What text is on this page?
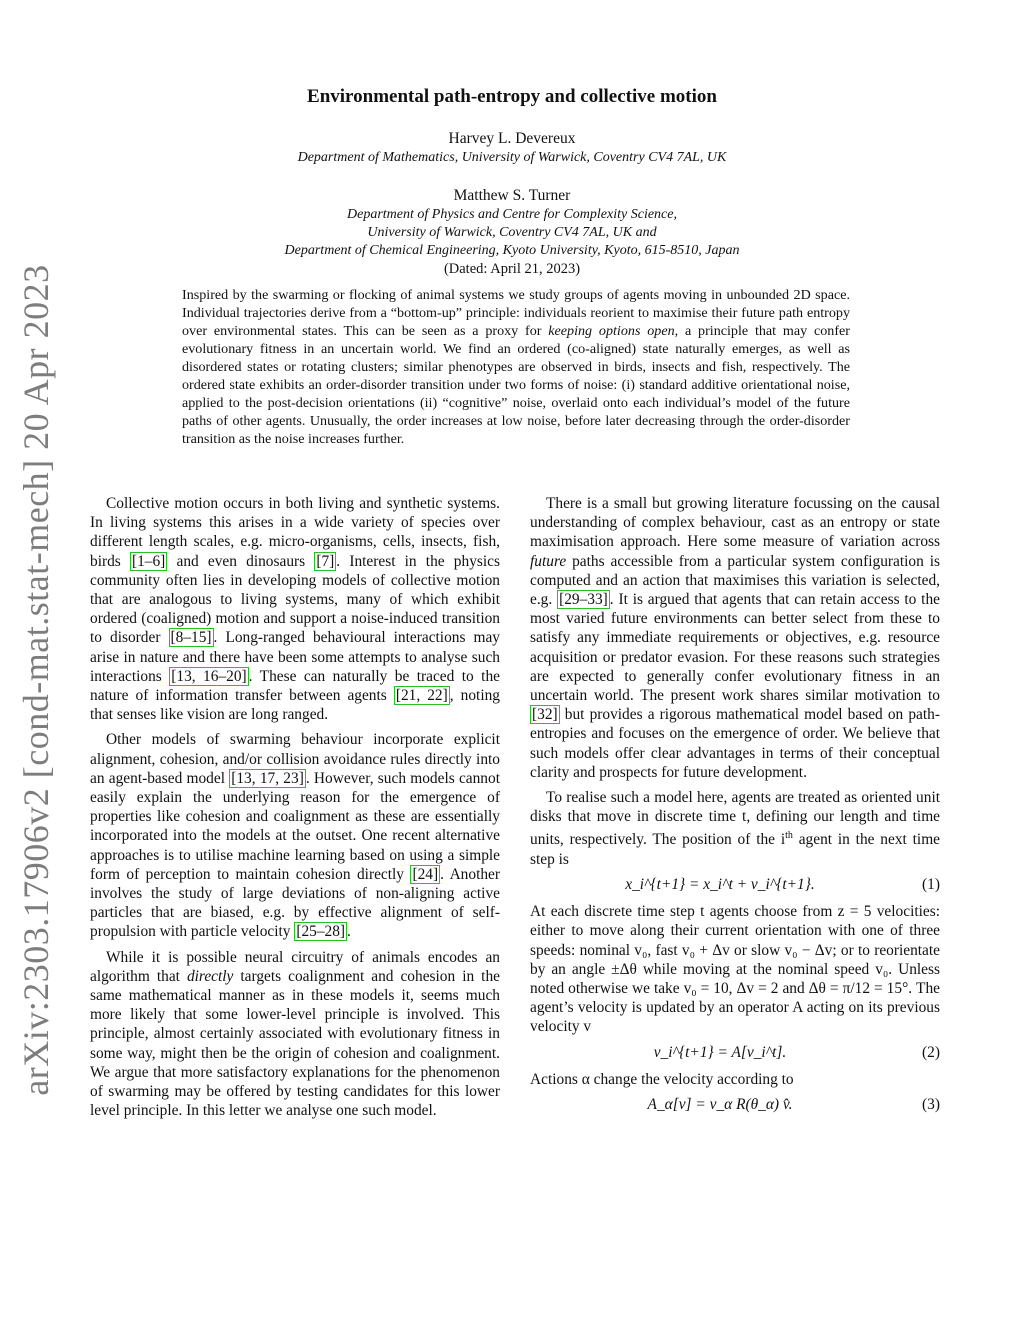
arXiv:2303.17906v2 [cond-mat.stat-mech] 20 Apr 2023
Environmental path-entropy and collective motion
Harvey L. Devereux
Department of Mathematics, University of Warwick, Coventry CV4 7AL, UK
Matthew S. Turner
Department of Physics and Centre for Complexity Science,
University of Warwick, Coventry CV4 7AL, UK and
Department of Chemical Engineering, Kyoto University, Kyoto, 615-8510, Japan
(Dated: April 21, 2023)
Inspired by the swarming or flocking of animal systems we study groups of agents moving in unbounded 2D space. Individual trajectories derive from a “bottom-up” principle: individuals reorient to maximise their future path entropy over environmental states. This can be seen as a proxy for keeping options open, a principle that may confer evolutionary fitness in an uncertain world. We find an ordered (co-aligned) state naturally emerges, as well as disordered states or rotating clusters; similar phenotypes are observed in birds, insects and fish, respectively. The ordered state exhibits an order-disorder transition under two forms of noise: (i) standard additive orientational noise, applied to the post-decision orientations (ii) “cognitive” noise, overlaid onto each individual’s model of the future paths of other agents. Unusually, the order increases at low noise, before later decreasing through the order-disorder transition as the noise increases further.

Collective motion occurs in both living and synthetic systems. In living systems this arises in a wide variety of species over different length scales, e.g. micro-organisms, cells, insects, fish, birds [1–6] and even dinosaurs [7] . Interest in the physics community often lies in developing models of collective motion that are analogous to living systems, many of which exhibit ordered (coaligned) motion and support a noise-induced transition to disorder [8–15] . Long-ranged behavioural interactions may arise in nature and there have been some attempts to analyse such interactions [13, 16–20] . These can naturally be traced to the nature of information transfer between agents [21, 22] , noting that senses like vision are long ranged.

Other models of swarming behaviour incorporate explicit alignment, cohesion, and/or collision avoidance rules directly into an agent-based model [13, 17, 23] . However, such models cannot easily explain the underlying reason for the emergence of properties like cohesion and coalignment as these are essentially incorporated into the models at the outset. One recent alternative approaches is to utilise machine learning based on using a simple form of perception to maintain cohesion directly [24] . Another involves the study of large deviations of non-aligning active particles that are biased, e.g. by effective alignment of self-propulsion with particle velocity [25–28] .

While it is possible neural circuitry of animals encodes an algorithm that directly targets coalignment and cohesion in the same mathematical manner as in these models it, seems much more likely that some lower-level principle is involved. This principle, almost certainly associated with evolutionary fitness in some way, might then be the origin of cohesion and coalignment. We argue that more satisfactory explanations for the phenomenon of swarming may be offered by testing candidates for this lower level principle. In this letter we analyse one such model.

There is a small but growing literature focussing on the causal understanding of complex behaviour, cast as an entropy or state maximisation approach. Here some measure of variation across future paths accessible from a particular system configuration is computed and an action that maximises this variation is selected, e.g. [29–33] . It is argued that agents that can retain access to the most varied future environments can better select from these to satisfy any immediate requirements or objectives, e.g. resource acquisition or predator evasion. For these reasons such strategies are expected to generally confer evolutionary fitness in an uncertain world. The present work shares similar motivation to [32] but provides a rigorous mathematical model based on path-entropies and focuses on the emergence of order. We believe that such models offer clear advantages in terms of their conceptual clarity and prospects for future development.

To realise such a model here, agents are treated as oriented unit disks that move in discrete time t, defining our length and time units, respectively. The position of the $i^{th}$ agent in the next time step is

x_i^{t+1} = x_i^t + v_i^{t+1}.	(1)

At each discrete time step t agents choose from z = 5 velocities: either to move along their current orientation with one of three speeds: nominal v₀, fast v₀ + Δv or slow v₀ − Δv; or to reorientate by an angle ±Δθ while moving at the nominal speed v₀. Unless noted otherwise we take v₀ = 10, Δv = 2 and Δθ = π/12 = 15°. The agent’s velocity is updated by an operator A acting on its previous velocity v

v_i^{t+1} = A[v_i^t].	(2)

Actions α change the velocity according to

A_α[v] = v_α R(θ_α) v̂.	(3)
